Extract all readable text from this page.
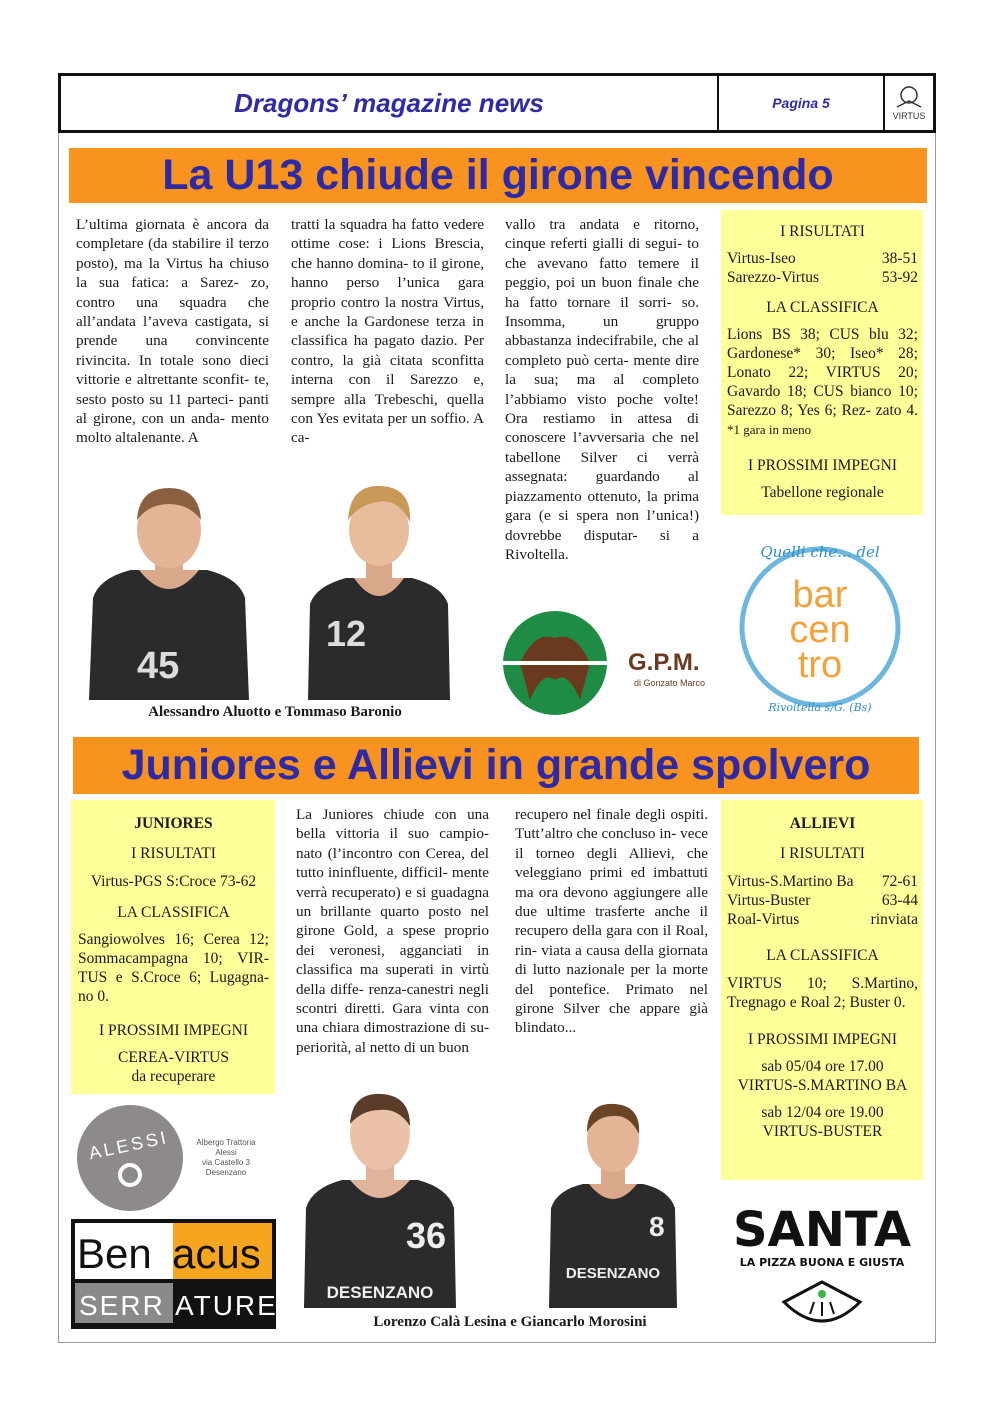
Dragons’ magazine news	Pagina 5
VIRTUS
La U13 chiude il girone vincendo
L’ultima giornata è ancora da completare (da stabilire il terzo posto), ma la Virtus ha chiuso la sua fatica: a Sarez- zo, contro una squadra che all’andata l’aveva castigata, si prende una convincente rivincita. In totale sono dieci vittorie e altrettante sconfit- te, sesto posto su 11 parteci- panti al girone, con un anda- mento molto altalenante. A
tratti la squadra ha fatto vedere ottime cose: i Lions Brescia, che hanno domina- to il girone, hanno perso l’unica gara proprio contro la nostra Virtus, e anche la Gardonese terza in classifica ha pagato dazio. Per contro, la già citata sconfitta interna con il Sarezzo e, sempre alla Trebeschi, quella con Yes evitata per un soffio. A ca-
vallo tra andata e ritorno, cinque referti gialli di segui- to che avevano fatto temere il peggio, poi un buon finale che ha fatto tornare il sorri- so. Insomma, un gruppo abbastanza indecifrabile, che al completo può certa- mente dire la sua; ma al completo l’abbiamo visto poche volte! Ora restiamo in attesa di conoscere l’avversaria che nel tabellone Silver ci verrà assegnata: guardando al piazzamento ottenuto, la prima gara (e si spera non l’unica!) dovrebbe disputar- si a Rivoltella.
I RISULTATI
Virtus-Iseo	38-51
Sarezzo-Virtus	53-92
LA CLASSIFICA
Lions BS 38; CUS blu 32; Gardonese* 30; Iseo* 28; Lonato 22; VIRTUS 20; Gavardo 18; CUS bianco 10; Sarezzo 8; Yes 6; Rez- zato 4. *1 gara in meno
I PROSSIMI IMPEGNI
Tabellone regionale
45
12
Alessandro Aluotto e Tommaso Baronio
G.P.M.
di Gonzato Marco
Quelli che... del
bar
cen
tro
Rivoltella s/G. (Bs)
Juniores e Allievi in grande spolvero
JUNIORES
I RISULTATI
Virtus-PGS S:Croce 73-62
LA CLASSIFICA
Sangiowolves 16; Cerea 12; Sommacampagna 10; VIR- TUS e S.Croce 6; Lugagna- no 0.
I PROSSIMI IMPEGNI
CEREA-VIRTUS
da recuperare
La Juniores chiude con una bella vittoria il suo campio- nato (l’incontro con Cerea, del tutto ininfluente, difficil- mente verrà recuperato) e si guadagna un brillante quarto posto nel girone Gold, a spese proprio dei veronesi, agganciati in classifica ma superati in virtù della diffe- renza-canestri negli scontri diretti. Gara vinta con una chiara dimostrazione di su- periorità, al netto di un buon
recupero nel finale degli ospiti. Tutt’altro che concluso in- vece il torneo degli Allievi, che veleggiano primi ed imbattuti ma ora devono aggiungere alle due ultime trasferte anche il recupero della gara con il Roal, rin- viata a causa della giornata di lutto nazionale per la morte del pontefice. Primato nel girone Silver che appare già blindato...
ALLIEVI
I RISULTATI
Virtus-S.Martino Ba 72-61
Virtus-Buster	63-44
Roal-Virtus	rinviata
LA CLASSIFICA
VIRTUS 10; S.Martino, Tregnago e Roal 2; Buster 0.
I PROSSIMI IMPEGNI
sab 05/04 ore 17.00
VIRTUS-S.MARTINO BA
sab 12/04 ore 19.00
VIRTUS-BUSTER
ALESSI	Albergo Trattoria
Alessi
via Castello 3
Desenzano
Ben acus
SERR ATURE
36
DESENZANO
8
DESENZANO
Lorenzo Calà Lesina e Giancarlo Morosini
SANTA
LA PIZZA BUONA E GIUSTA
